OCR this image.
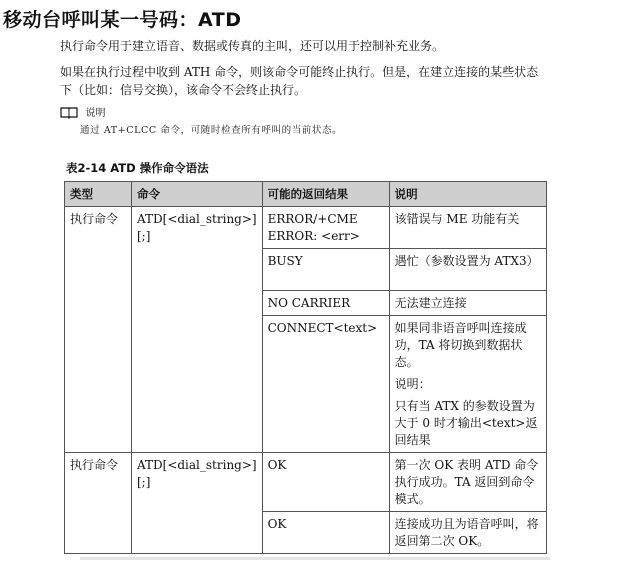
移动台呼叫某一号码：ATD
执行命令用于建立语音、数据或传真的主叫，还可以用于控制补充业务。
如果在执行过程中收到 ATH 命令，则该命令可能终止执行。但是，在建立连接的某些状态下（比如：信号交换），该命令不会终止执行。
说明
通过 AT+CLCC 命令，可随时检查所有呼叫的当前状态。
表2-14 ATD 操作命令语法
类型	命令	可能的返回结果	说明
执行命令	ATD[<dial_string>][;]	ERROR/+CME ERROR: <err>	该错误与 ME 功能有关
		BUSY	遇忙（参数设置为 ATX3）
		NO CARRIER	无法建立连接
		CONNECT<text>	如果同非语音呼叫连接成功，TA 将切换到数据状态。
说明：
只有当 ATX 的参数设置为大于 0 时才输出<text>返回结果

执行命令	ATD[<dial_string>][;]	OK	第一次 OK 表明 ATD 命令执行成功。TA 返回到命令模式。
		OK	连接成功且为语音呼叫，将返回第二次 OK。
